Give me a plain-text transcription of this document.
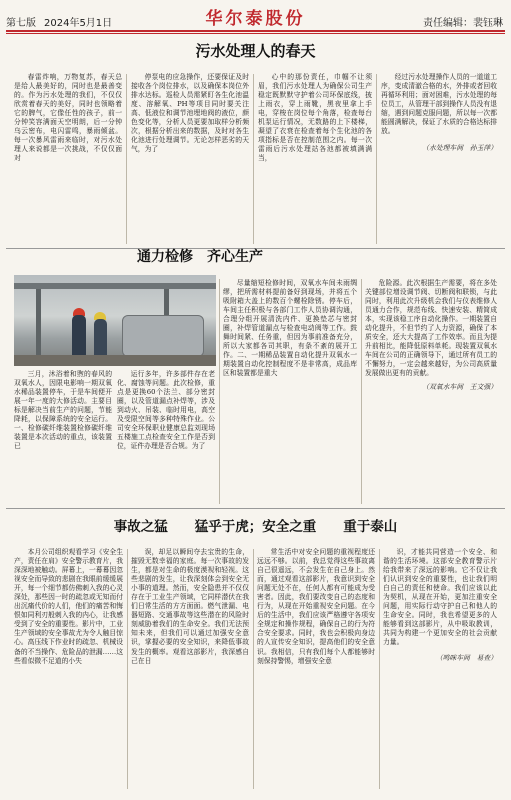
第七版 2024年5月1日	华尔泰股份	责任编辑：裴钰琳
污水处理人的春天

春雷炸响，万物复苏，春天总是给人最美好的，同时也是最善变的。作为污水处理的我们，不仅仅欣赏着春天的美好，同时也领略着它的脾气，它像任性的孩子，前一分钟笑容满面天空明朗，后一分钟乌云密布，电闪雷鸣，暴雨倾盆。每一次暴风雷雨来临时，对污水处理人来说都是一次挑战，不仅仅面对

停泵电的应急操作，还要保证及时接收各个岗位排水，以及确保本岗位外排水达标。巡检人员需紧盯各生化池温度、溶解氧、PH等项目同时要关注高、低液位和调节池埋地阀的液位，颜色变化等，分析人员更要加取样分析频次，根据分析出来的数据，及时对各生化池进行处理调节。无论怎样恶劣的天气，为了

心中的那份责任，巾帼不让须眉，我们污水处理人为确保公司生产稳定既默默守护着公司环保底线，披上雨衣，穿上雨靴，黑夜里拿上手电，穿梭在岗位每个角落，检查每台机泵运行情况，无数路的上下楼梯，凝望了衣衰在检查着每个生化池的各项指标是否在控制范围之内。每一次雷雨后污水处理站各池都被填满满当，

经过污水处理操作人员的一道道工序，变成清澈合格的水，外排或者回收再循环利用；面对困难，污水处理的每位员工，从管理干部到操作人员没有退缩，遇到问题克服问题，所以每一次都能圆满解决，保证了水质的合格达标排放。

（水处理车间　孙玉萍）
通力检修　齐心生产

三月，沐浴着和煦的春风的双氧水人，因限电影响一期双氧水稀品装置停车，于是车间便开展一年一度的大修活动。主要目标是解决当前生产的问题，节能降耗，以保障系统的安全运行。一、检修碳纤维装置检修碳纤维装置是本次活动的重点，该装置已

运行多年，许多部件存在老化、腐蚀等问题。此次检修，重点是更换60个法兰、部分密封圈，以及管道漏点补焊等，涉及到动火、吊装、临时用电，高空及受限空间等多种特殊作业。公司安全环保职业健康总监刘现场五楼施工点检查安全工作是否到位，证件办理是否合规。为了

尽量缩短检修时间，双氧水车间未雨绸缪，把所需材料提前备好到现场，并将五个吸附箱大盖上的数百个螺栓除锈。停车后，车间主任积极与各部门工作人员协调沟通，合理分组开展清洗内件、更换垫芯与密封圈，补焊管道漏点与检查电动阀等工作。鼓舞时间紧、任务重，但因为事前准备充分，所以大家都各司其职，有条不紊的展开工作。二、一期稀品装置自动化提升双氧水一期装置自动化控制程度不是非常高，成品库区和装置都是重大

危险源。此次根据生产需要，将在多处关键部位增设调节阀、切断阀和联锁，与此同时，利用此次升级机会我们与仪表维修人员通力合作，规范布线、快速安装、精简成本，实现该稳工序自动化操作。一期装置自动化提升，不但节约了人力资源，确保了本质安全，还大大提高了工作效率。而且为提升前相比，能降低原料单耗。现装置双氧水车间在公司的正确领导下，通过所有员工的不懈努力，一定会越来越好，为公司高质量发展做出更有的贡献。

（双氧水车间　王文强）
事故之猛　　猛乎于虎；安全之重　　重于泰山

本月公司组织观看学习《安全生产，责任在肩》安全警示教育片，我深深地被触动。屏幕上，一幕幕因忽视安全而导致的悲剧在我眼前缓缓展开，每一个细节都仿佛刺入我的心灵深处，那些因一时的疏忽或无知而付出沉痛代价的人们，他们的痛苦和悔恨如同利刃般刺入我的内心，让我感受到了安全的重要性。影片中，工业生产领域的安全事故尤为令人触目惊心。高压线下作业时的疏忽、机械设备的不当操作、危险品的泄漏……这些看似微不足道的小失

误，却足以瞬间夺去宝贵的生命，摧毁无数幸福的家庭。每一次事故的发生，都是对生命的极度漠视和轻视。这些悲剧的发生，让我深刻体会到安全无小事的道理。然而，安全隐患并不仅仅存在于工业生产领域，它同样潜伏在我们日常生活的方方面面。燃气泄漏、电器短路、交通事故等这些潜在的风险时刻威胁着我们的生命安全。我们无法预知未来，但我们可以通过加强安全意识，掌握必要的安全知识，来降低事故发生的概率。观看这部影片，我深感自己在日

常生活中对安全问题的重视程度还远远不够。以前，我总觉得这些事故离自己很遥远，不会发生在自己身上。然而，通过观看这部影片，我意识到安全问题无处不在，任何人都有可能成为受害者。因此，我们要改变自己的态度和行为，从现在开始重视安全问题。在今后的生活中，我们应该严格遵守各项安全规定和操作规程，确保自己的行为符合安全要求。同时，我也会积极向身边的人宣传安全知识，提高他们的安全意识。我相信，只有我们每个人都能够时刻保持警惕，增强安全意

识，才能共同营造一个安全、和谐的生活环境。这部安全教育警示片给我带来了深远的影响。它不仅让我们认识到安全的重要性，也让我们明白自己的责任和使命。我们应该以此为契机，从现在开始，更加注重安全问题，用实际行动守护自己和他人的生命安全。同时，我也希望更多的人能够看到这部影片，从中吸取教训，共同为构建一个更加安全的社会贡献力量。

（鸣咪车间　易查）
